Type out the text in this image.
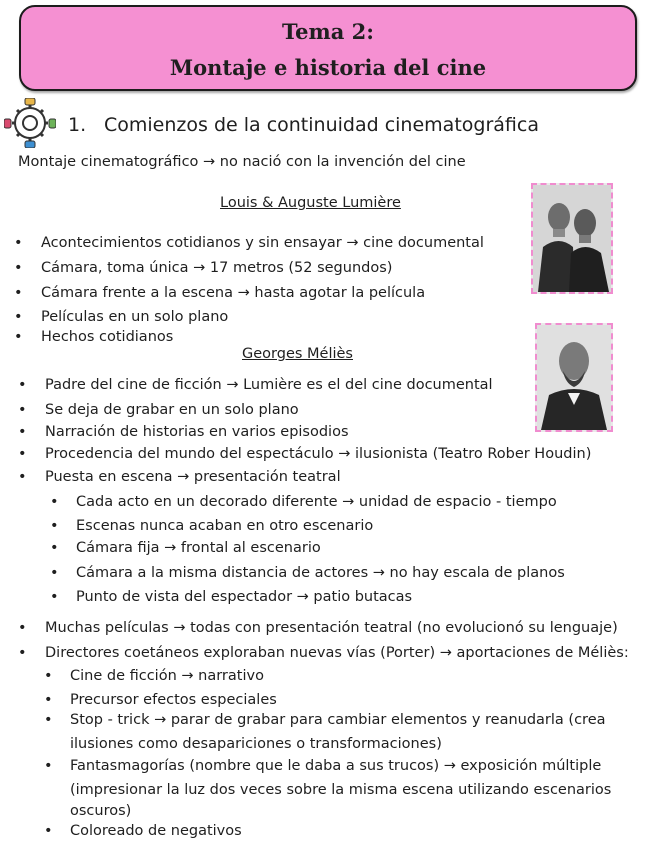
Tema 2:
Montaje e historia del cine
1. Comienzos de la continuidad cinematográfica
Montaje cinematográfico → no nació con la invención del cine
Louis & Auguste Lumière
• Acontecimientos cotidianos y sin ensayar → cine documental
• Cámara, toma única → 17 metros (52 segundos)
• Cámara frente a la escena → hasta agotar la película
• Películas en un solo plano
• Hechos cotidianos
Georges Méliès
• Padre del cine de ficción → Lumière es el del cine documental
• Se deja de grabar en un solo plano
• Narración de historias en varios episodios
• Procedencia del mundo del espectáculo → ilusionista (Teatro Rober Houdin)
• Puesta en escena → presentación teatral
• Cada acto en un decorado diferente → unidad de espacio - tiempo
• Escenas nunca acaban en otro escenario
• Cámara fija → frontal al escenario
• Cámara a la misma distancia de actores → no hay escala de planos
• Punto de vista del espectador → patio butacas
• Muchas películas → todas con presentación teatral (no evolucionó su lenguaje)
• Directores coetáneos exploraban nuevas vías (Porter) → aportaciones de Méliès:
• Cine de ficción → narrativo
• Precursor efectos especiales
• Stop - trick → parar de grabar para cambiar elementos y reanudarla (crea
ilusiones como desapariciones o transformaciones)
• Fantasmagorías (nombre que le daba a sus trucos) → exposición múltiple
(impresionar la luz dos veces sobre la misma escena utilizando escenarios
oscuros)
• Coloreado de negativos
